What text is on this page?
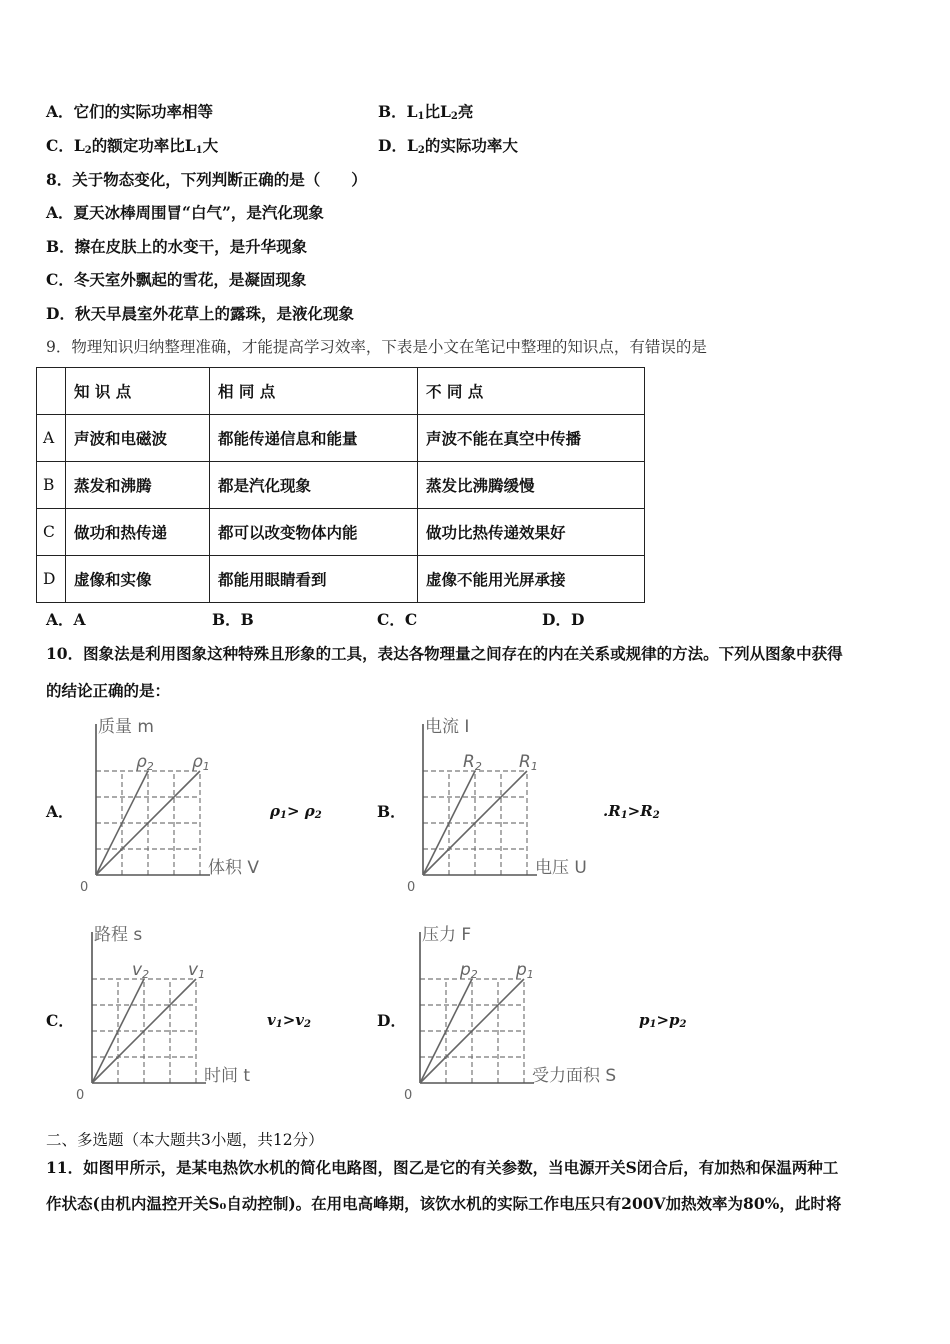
A．它们的实际功率相等	B．$L_1$比$L_2$亮
C．$L_2$的额定功率比$L_1$大	D．$L_2$的实际功率大
8．关于物态变化，下列判断正确的是（　　）
A．夏天冰棒周围冒“白气”，是汽化现象
B．擦在皮肤上的水变干，是升华现象
C．冬天室外飘起的雪花，是凝固现象
D．秋天早晨室外花草上的露珠，是液化现象
9．物理知识归纳整理准确，才能提高学习效率，下表是小文在笔记中整理的知识点，有错误的是
	知 识 点	相 同 点	不 同 点
A	声波和电磁波	都能传递信息和能量	声波不能在真空中传播
B	蒸发和沸腾	都是汽化现象	蒸发比沸腾缓慢
C	做功和热传递	都可以改变物体内能	做功比热传递效果好
D	虚像和实像	都能用眼睛看到	虚像不能用光屏承接
A．A	B．B	C．C	D．D
10．图象法是利用图象这种特殊且形象的工具，表达各物理量之间存在的内在关系或规律的方法。下列从图象中获得
的结论正确的是：
A．
0
质量 m
体积 V
ρ2 ρ1
$\rho_1> \rho_2$	B．
0
电流 I
电压 U
R2 R1
$.R_1>R_2$
C．
0
路程 s
时间 t
v2 v1
$v_1>v_2$	D．
0
压力 F
受力面积 S
p2 p1
$p_1>p_2$
二、多选题（本大题共3小题，共12分）
11．如图甲所示，是某电热饮水机的简化电路图，图乙是它的有关参数，当电源开关S闭合后，有加热和保温两种工
作状态(由机内温控开关S₀自动控制)。在用电高峰期，该饮水机的实际工作电压只有200V加热效率为80%，此时将
